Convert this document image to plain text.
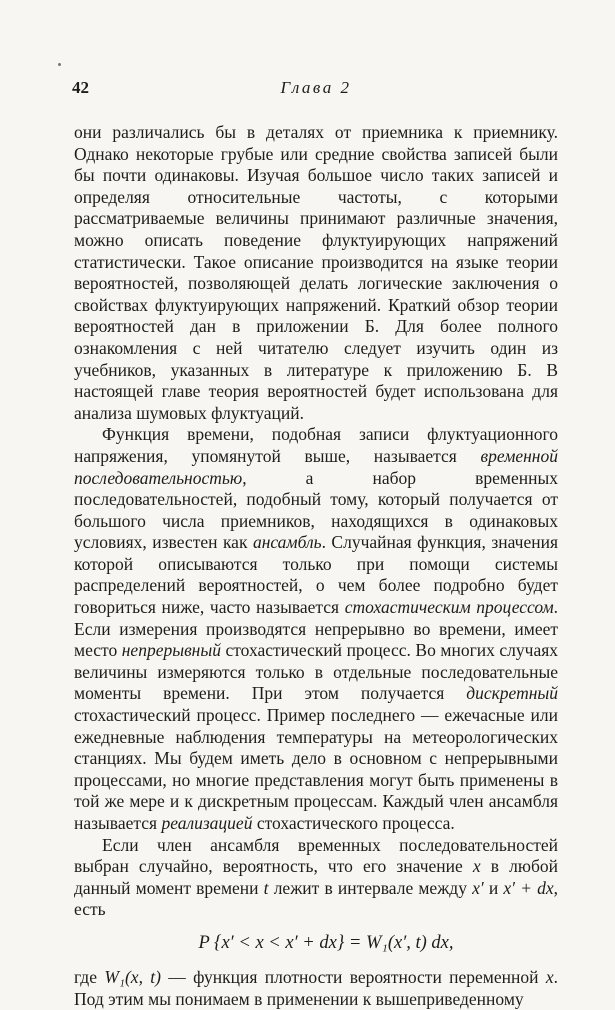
42	Глава 2

они различались бы в деталях от приемника к приемнику. Однако некоторые грубые или средние свойства записей были бы почти одинаковы. Изучая большое число таких записей и определяя относительные частоты, с которыми рассматриваемые величины принимают различные значения, можно описать поведение флуктуирующих напряжений статистически. Такое описание производится на языке теории вероятностей, позволяющей делать логические заключения о свойствах флуктуирующих напряжений. Краткий обзор теории вероятностей дан в приложении Б. Для более полного ознакомления с ней читателю следует изучить один из учебников, указанных в литературе к приложению Б. В настоящей главе теория вероятностей будет использована для анализа шумовых флуктуаций.

Функция времени, подобная записи флуктуационного напряжения, упомянутой выше, называется временной последовательностью, а набор временных последовательностей, подобный тому, который получается от большого числа приемников, находящихся в одинаковых условиях, известен как ансамбль. Случайная функция, значения которой описываются только при помощи системы распределений вероятностей, о чем более подробно будет говориться ниже, часто называется стохастическим процессом. Если измерения производятся непрерывно во времени, имеет место непрерывный стохастический процесс. Во многих случаях величины измеряются только в отдельные последовательные моменты времени. При этом получается дискретный стохастический процесс. Пример последнего — ежечасные или ежедневные наблюдения температуры на метеорологических станциях. Мы будем иметь дело в основном с непрерывными процессами, но многие представления могут быть применены в той же мере и к дискретным процессам. Каждый член ансамбля называется реализацией стохастического процесса.

Если член ансамбля временных последовательностей выбран случайно, вероятность, что его значение x в любой данный момент времени t лежит в интервале между x′ и x′ + dx, есть

P {x′ < x < x′ + dx} = W₁(x′, t) dx,

где W₁(x, t) — функция плотности вероятности переменной x. Под этим мы понимаем в применении к вышеприведенному
